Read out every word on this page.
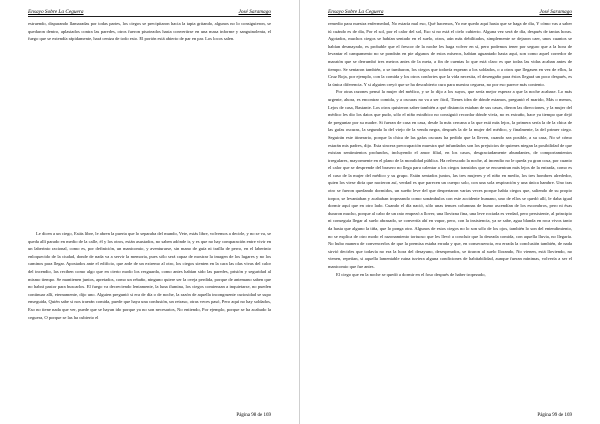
Ensayo Sobre La Ceguera	José Saramago

estruendo, disparando llamaradas por todas partes, los ciegos se precipitaron hacia la tapia gritando, algunos no lo consiguieron, se quedaron dentro, aplastados contra las paredes, otros fueron pisoteados hasta convertirse en una masa informe y sanguinolenta, el fuego que se extendía rápidamente, hará ceniza de todo esto. El portón está abierto de par en par. Los locos salen.

Le dicen a un ciego, Estás libre, le abren la puerta que lo separaba del mundo, Vete, estás libre, volvemos a decirle, y no se va, se queda allí parado en medio de la calle, él y los otros, están asustados, no saben adónde ir, y es que no hay comparación entre vivir en un laberinto racional, como es, por definición, un manicomio, y aventurarse, sin mano de guía ni traílla de perro, en el laberinto enloquecido de la ciudad, donde de nada va a servir la memoria, pues sólo será capaz de mostrar la imagen de los lugares y no los caminos para llegar. Apostados ante el edificio, que arde de un extremo al otro, los ciegos sienten en la cara las olas vivas del calor del incendio, las reciben como algo que en cierto modo los resguarda, como antes habían sido las paredes, prisión y seguridad al mismo tiempo. Se mantienen juntos, apretados, como un rebaño, ninguno quiere ser la oveja perdida, porque de antemano saben que no habrá pastor para buscarlos. El fuego va decreciendo lentamente, la luna ilumina, los ciegos comienzan a inquietarse, no pueden continuar allí, eternamente, dijo uno. Alguien preguntó si era de día o de noche, la razón de aquella incongruente curiosidad se supo enseguida, Quién sabe si nos traerán comida, puede que haya una confusión, un retraso, otras veces pasó, Pero aquí no hay soldados, Eso no tiene nada que ver, puede que se hayan ido porque ya no son necesarios, No entiendo, Por ejemplo, porque se ha acabado la ceguera, O porque se las ha cubierto el

Página 98 de 169
Ensayo Sobre La Ceguera	José Saramago

remedio para nuestra enfermedad, No estaría mal eso, Qué hacemos, Yo me quedo aquí hasta que se haga de día, Y cómo vas a saber tú cuándo es de día, Por el sol, por el calor del sol, Eso si no está el cielo cubierto. Alguna vez será de día, después de tantas horas. Agotados, muchos ciegos se habían sentado en el suelo, otros, aún más debilitados, simplemente se dejaron caer, unos cuantos se habían desmayado, es probable que el frescor de la noche les haga volver en sí, pero podemos tener por seguro que a la hora de levantar el campamento no se pondrán en pie algunos de estos míseros, habían aguantado hasta aquí, son como aquel corredor de maratón que se derrumbó tres metros antes de la meta, a fin de cuentas lo que está claro es que todas las vidas acaban antes de tiempo. Se sentaron también, o se tumbaron, los ciegos que todavía esperan a los soldados, o a otros que llegasen en vez de ellos, la Cruz Roja, por ejemplo, con la comida y los otros confortes que la vida necesita, el desengaño para éstos llegará un poco después, es la única diferencia. Y si alguien creyó que se ha descubierto cura para nuestra ceguera, no por eso parece más contento.

Por otras razones pensó la mujer del médico, y se lo dijo a los suyos, que sería mejor esperar a que la noche acabase. Lo más urgente, ahora, es encontrar comida, y a oscuras no va a ser fácil, Tienes idea de dónde estamos, preguntó el marido, Más o menos, Lejos de casa, Bastante. Los otros quisieron saber también a qué distancia estaban de sus casas, dieron las direcciones, y la mujer del médico les dio los datos que pudo, sólo el niño estrábico no consiguió recordar dónde vivía, no es extraño, hace ya tiempo que dejó de preguntar por su madre. Si fueran de casa en casa, desde la más cercana a la que está más lejos, la primera sería la de la chica de las gafas oscuras, la segunda la del viejo de la venda negra, después la de la mujer del médico, y finalmente, la del primer ciego. Seguirán este itinerario, porque la chica de las gafas oscuras ha pedido que la lleven, cuando sea posible, a su casa, No sé cómo estarán mis padres, dijo. Esta sincera preocupación muestra qué infundados son los prejuicios de quienes niegan la posibilidad de que existan sentimientos profundos, incluyendo el amor filial, en los casos, desgraciadamente abundantes, de comportamientos irregulares, mayormente en el plano de la moralidad pública. Ha refrescado la noche, al incendio no le queda ya gran cosa, por cuanto el calor que se desprende del brasero no llega para calentar a los ciegos transidos que se encuentran más lejos de la entrada, como es el caso de la mujer del médico y su grupo. Están sentados juntos, las tres mujeres y el niño en medio, los tres hombres alrededor, quien los viese diría que nacieron así, verdad es que parecen un cuerpo solo, con una sola respiración y una única hambre. Uno tras otro se fueron quedando dormidos, un sueño leve del que despertaron varias veces porque había ciegos que, saliendo de su propio torpor, se levantaban y acababan tropezando como sonámbulos con este accidente humano, uno de ellos se quedó allí, le daba igual dormir aquí que en otro lado. Cuando el día nació, sólo unas tenues columnas de humo ascendían de los escombros, pero ni ésas duraron mucho, porque al cabo de un rato empezó a llover, una llovizna fina, una leve rociada es verdad, pero persistente, al principio ni conseguía llegar al suelo abrasado, se convertía ahí en vapor, pero, con la insistencia, ya se sabe, agua blanda en roca vivos tanto da hasta que alguno la tiña, que lo ponga otro. Algunos de estos ciegos no lo son sólo de los ojos, también lo son del entendimiento, no se explica de otro modo el razonamiento tortuoso que les llevó a concluir que la deseada comida, con aquella lluvia, no llegaría. No hubo manera de convencerlos de que la premisa estaba errada y que, en consecuencia, era errada la conclusión también, de nada sirvió decirles que todavía no era la hora del desayuno, desesperados, se tiraron al suelo llorando, No vienen, está lloviendo, no vienen, repetían, si aquella lamentable ruina tuviera alguna condiciones de habitabilidad, aunque fueran mínimas, volvería a ser el manicomio que fue antes.

El ciego que en la noche se quedó a dormir en el foso después de haber tropezado,

Página 99 de 169
